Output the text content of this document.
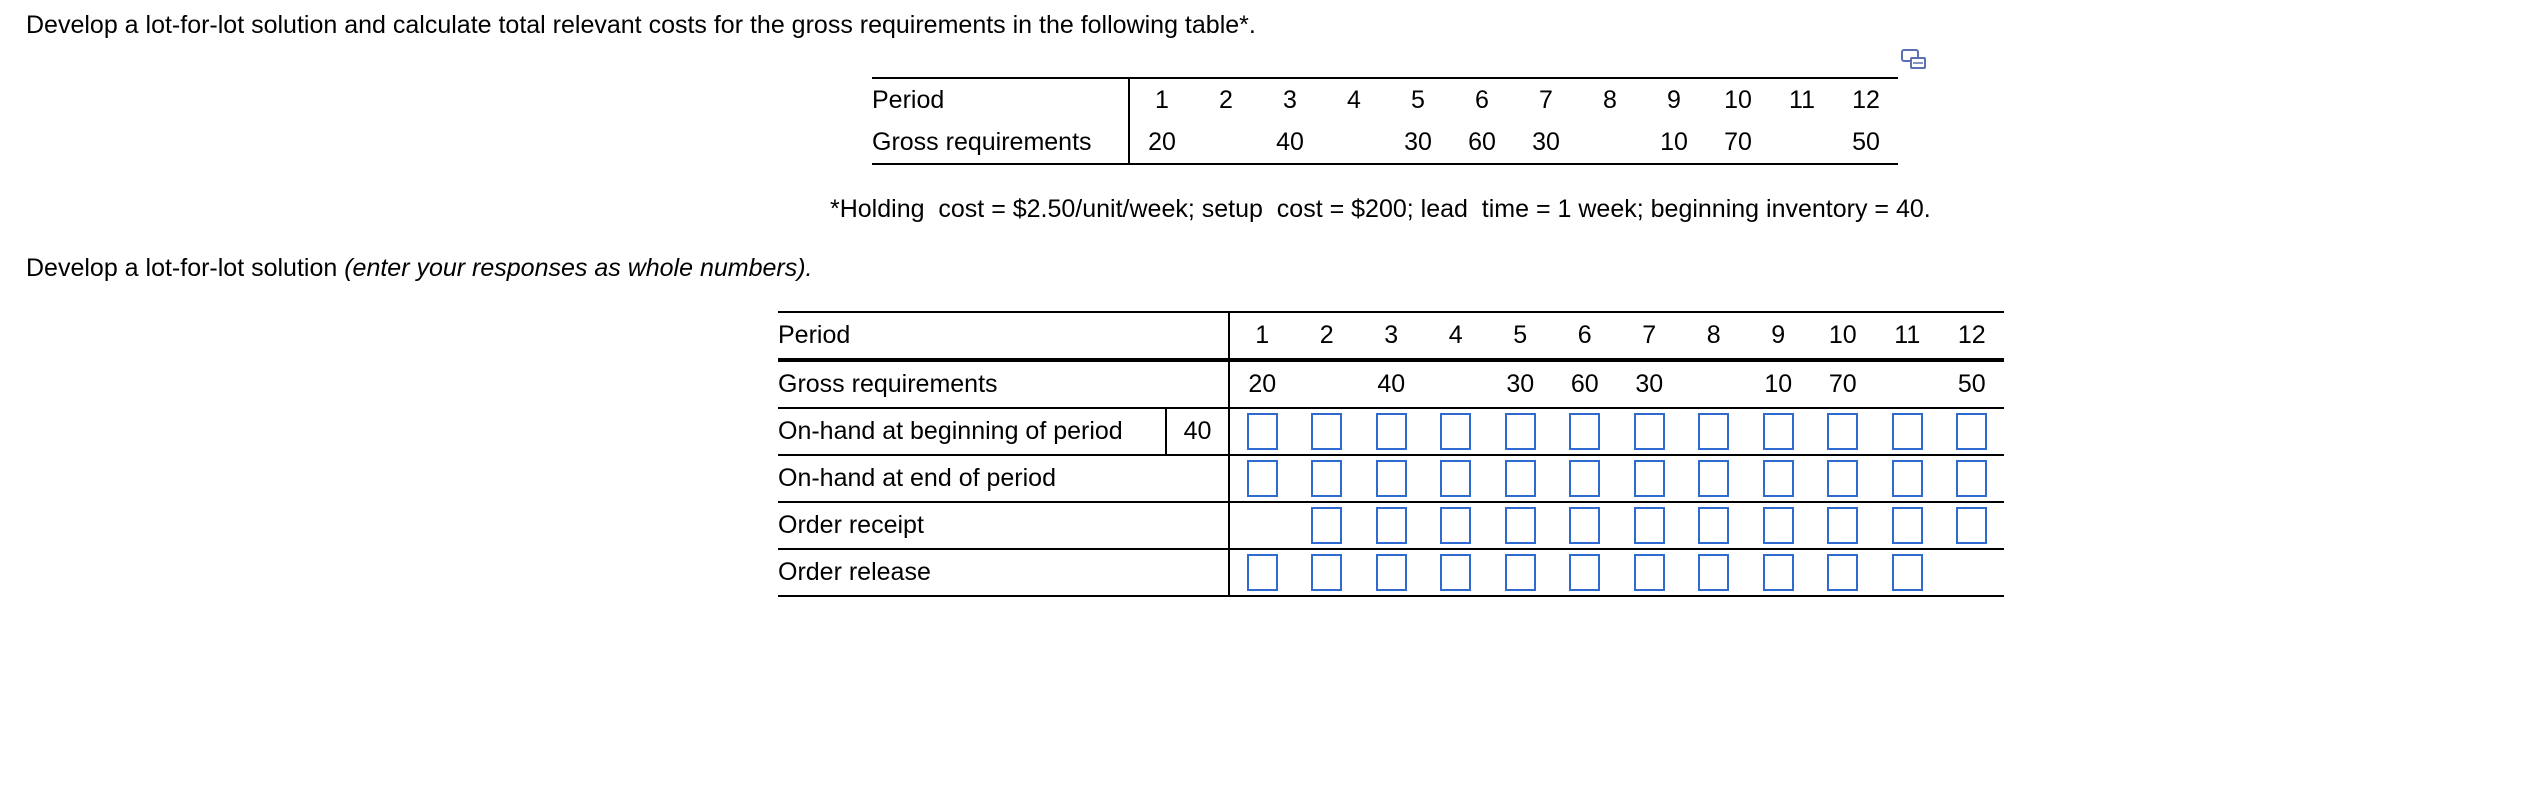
Develop a lot-for-lot solution and calculate total relevant costs for the gross requirements in the following table*.
Period	1	2	3	4	5	6	7	8	9	10	11	12
Gross requirements	20		40		30	60	30		10	70		50
*Holding  cost = $2.50/unit/week; setup  cost = $200; lead  time = 1 week; beginning inventory = 40.
Develop a lot-for-lot solution (enter your responses as whole numbers).
Period		1	2	3	4	5	6	7	8	9	10	11	12
Gross requirements		20		40		30	60	30		10	70		50
On-hand at beginning of period	40												
On-hand at end of period												
Order receipt												
Order release												
